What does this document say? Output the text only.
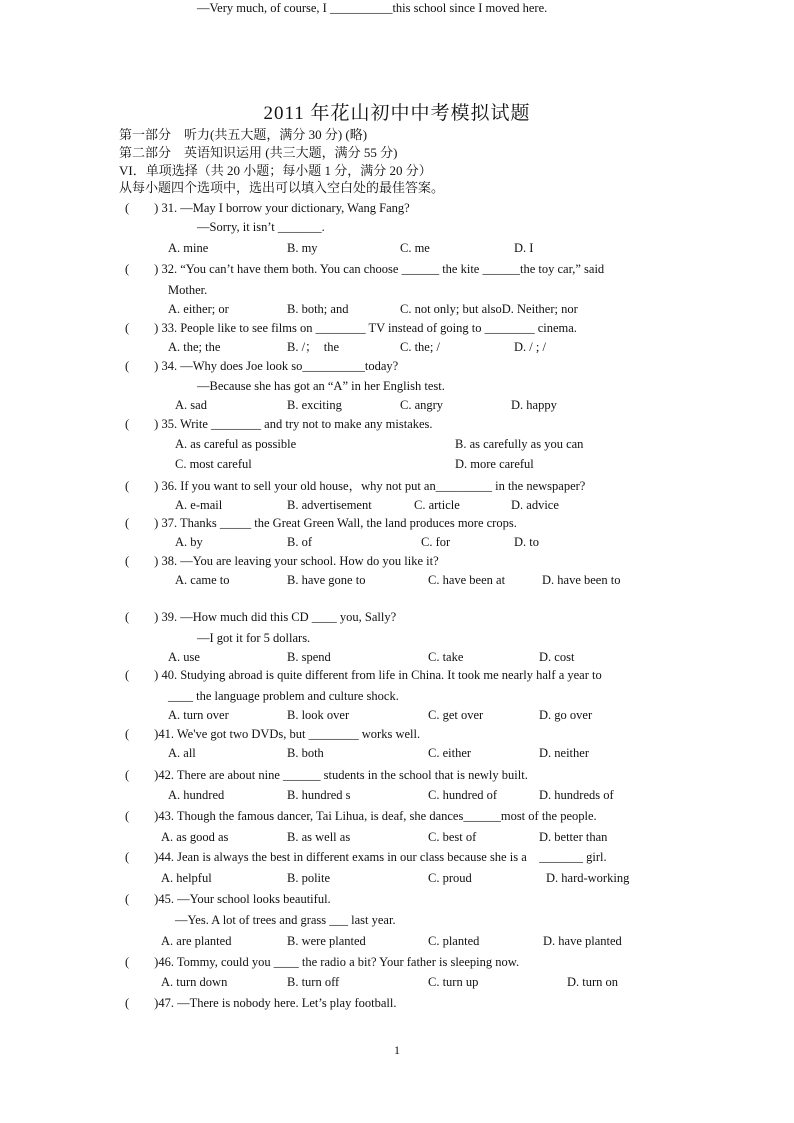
2011 年花山初中中考模拟试题
第一部分　听力(共五大题，满分 30 分) (略)
第二部分　英语知识运用 (共三大题，满分 55 分)
VI．单项选择（共 20 小题；每小题 1 分，满分 20 分）
从每小题四个选项中，选出可以填入空白处的最佳答案。
(　　) 31. ―May I borrow your dictionary, Wang Fang?
―Sorry, it isn’t _______.
A. mine	B. my	C. me	D. I
(　　) 32. “You can’t have them both. You can choose ______ the kite ______the toy car,” said
Mother.
A. either; or	B. both; and	C. not only; but alsoD. Neither; nor
(　　) 33. People like to see films on ________ TV instead of going to ________ cinema.
A. the; the	B. /；　the	C. the; /	D. / ; /
(　　) 34. ―Why does Joe look so__________today?
―Because she has got an “A” in her English test.
A. sad	B. exciting	C. angry	D. happy
(　　) 35. Write ________ and try not to make any mistakes.
A. as careful as possible	B. as carefully as you can
C. most careful	D. more careful
(　　) 36. If you want to sell your old house，why not put an_________ in the newspaper?
A. e-mail	B. advertisement	C. article	D. advice
(　　) 37. Thanks _____ the Great Green Wall, the land produces more crops.
A. by	B. of	C. for	D. to
(　　) 38. ―You are leaving your school. How do you like it?
―Very much, of course, I __________this school since I moved here.
A. came to	B. have gone to	C. have been at	D. have been to
(　　) 39. ―How much did this CD ____ you, Sally?
―I got it for 5 dollars.
A. use	B. spend	C. take	D. cost
(　　) 40. Studying abroad is quite different from life in China. It took me nearly half a year to
____ the language problem and culture shock.
A. turn over	B. look over	C. get over	D. go over
(　　)41. We've got two DVDs, but ________ works well.
A. all	B. both	C. either	D. neither
(　　)42. There are about nine ______ students in the school that is newly built.
A. hundred	B. hundred s	C. hundred of	D. hundreds of
(　　)43. Though the famous dancer, Tai Lihua, is deaf, she dances______most of the people.
A. as good as	B. as well as	C. best of	D. better than
(　　)44. Jean is always the best in different exams in our class because she is a　_______ girl.
A. helpful	B. polite	C. proud	D. hard-working
(　　)45. —Your school looks beautiful.
—Yes. A lot of trees and grass ___ last year.
A. are planted	B. were planted	C. planted	D. have planted
(　　)46. Tommy, could you ____ the radio a bit? Your father is sleeping now.
A. turn down	B. turn off	C. turn up	D. turn on
(　　)47. ―There is nobody here. Let’s play football.
1
